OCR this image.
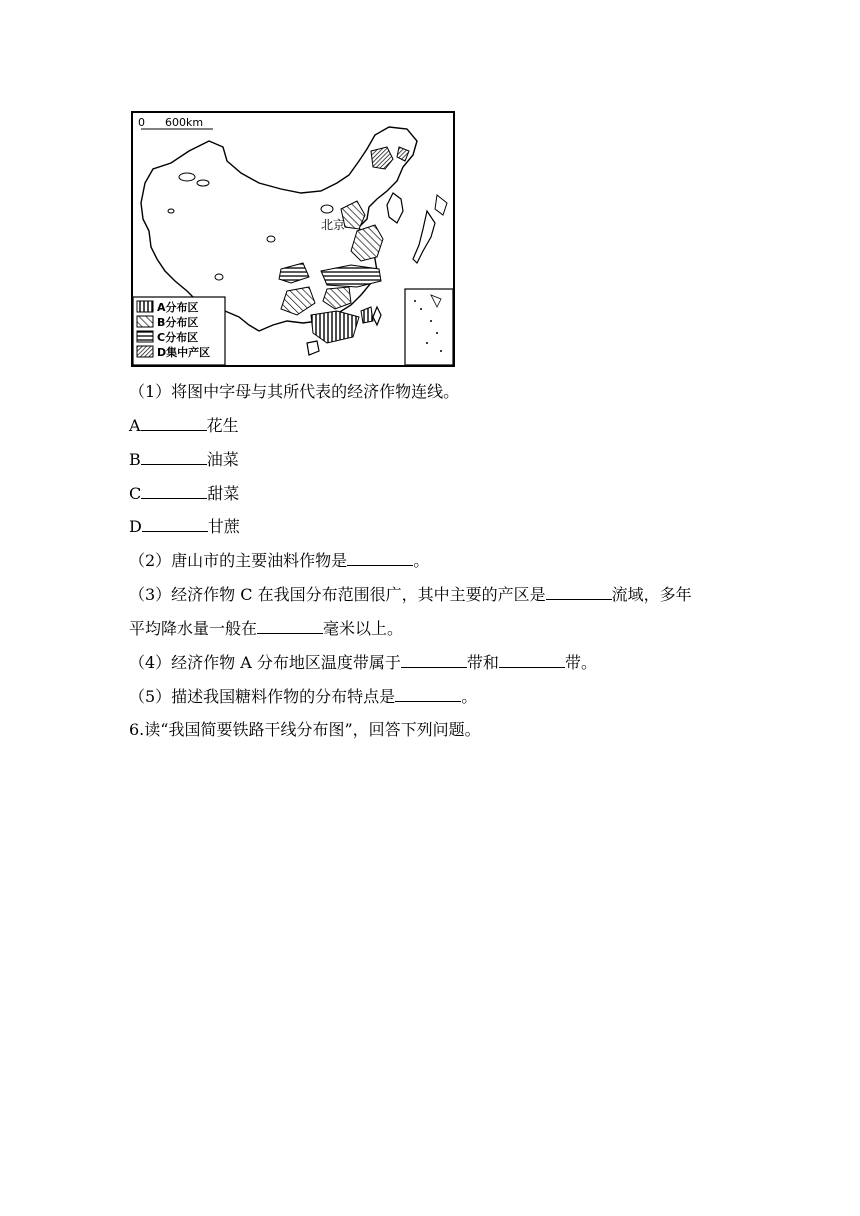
0 600km
北京
A分布区
B分布区
C分布区
D集中产区
（1）将图中字母与其所代表的经济作物连线。
A	花生
B	油菜
C	甜菜
D	甘蔗
（2）唐山市的主要油料作物是	。
（3）经济作物 C 在我国分布范围很广，其中主要的产区是	流域，多年
平均降水量一般在	毫米以上。
（4）经济作物 A 分布地区温度带属于	带和	带。
（5）描述我国糖料作物的分布特点是	。
6.读“我国简要铁路干线分布图”，回答下列问题。
